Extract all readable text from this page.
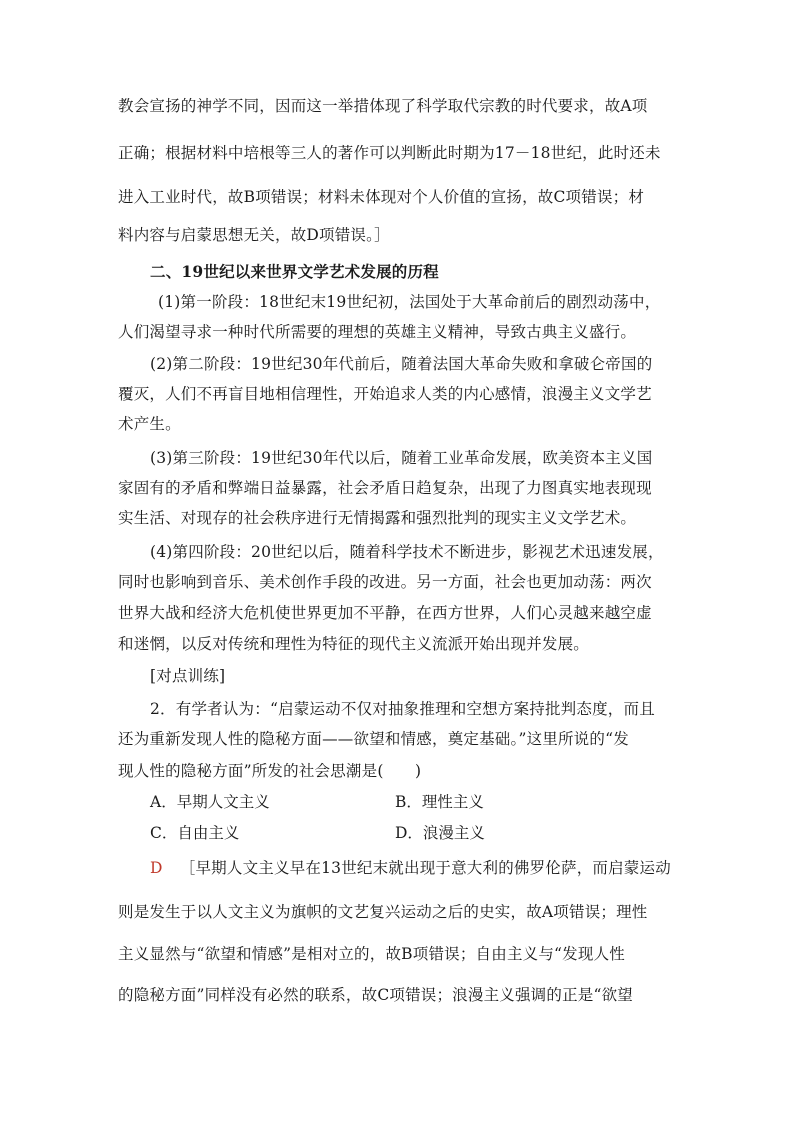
教会宣扬的神学不同，因而这一举措体现了科学取代宗教的时代要求，故A项
正确；根据材料中培根等三人的著作可以判断此时期为17－18世纪，此时还未
进入工业时代，故B项错误；材料未体现对个人价值的宣扬，故C项错误；材
料内容与启蒙思想无关，故D项错误。］
二、19世纪以来世界文学艺术发展的历程
(1)第一阶段：18世纪末19世纪初，法国处于大革命前后的剧烈动荡中，
人们渴望寻求一种时代所需要的理想的英雄主义精神，导致古典主义盛行。
(2)第二阶段：19世纪30年代前后，随着法国大革命失败和拿破仑帝国的
覆灭，人们不再盲目地相信理性，开始追求人类的内心感情，浪漫主义文学艺
术产生。
(3)第三阶段：19世纪30年代以后，随着工业革命发展，欧美资本主义国
家固有的矛盾和弊端日益暴露，社会矛盾日趋复杂，出现了力图真实地表现现
实生活、对现存的社会秩序进行无情揭露和强烈批判的现实主义文学艺术。
(4)第四阶段：20世纪以后，随着科学技术不断进步，影视艺术迅速发展，
同时也影响到音乐、美术创作手段的改进。另一方面，社会也更加动荡：两次
世界大战和经济大危机使世界更加不平静，在西方世界，人们心灵越来越空虚
和迷惘，以反对传统和理性为特征的现代主义流派开始出现并发展。
[对点训练]
2．有学者认为：“启蒙运动不仅对抽象推理和空想方案持批判态度，而且
还为重新发现人性的隐秘方面——欲望和情感，奠定基础。”这里所说的“发
现人性的隐秘方面”所发的社会思潮是(　　)
A．早期人文主义	B．理性主义
C．自由主义	D．浪漫主义
D ［早期人文主义早在13世纪末就出现于意大利的佛罗伦萨，而启蒙运动
则是发生于以人文主义为旗帜的文艺复兴运动之后的史实，故A项错误；理性
主义显然与“欲望和情感”是相对立的，故B项错误；自由主义与“发现人性
的隐秘方面”同样没有必然的联系，故C项错误；浪漫主义强调的正是“欲望
